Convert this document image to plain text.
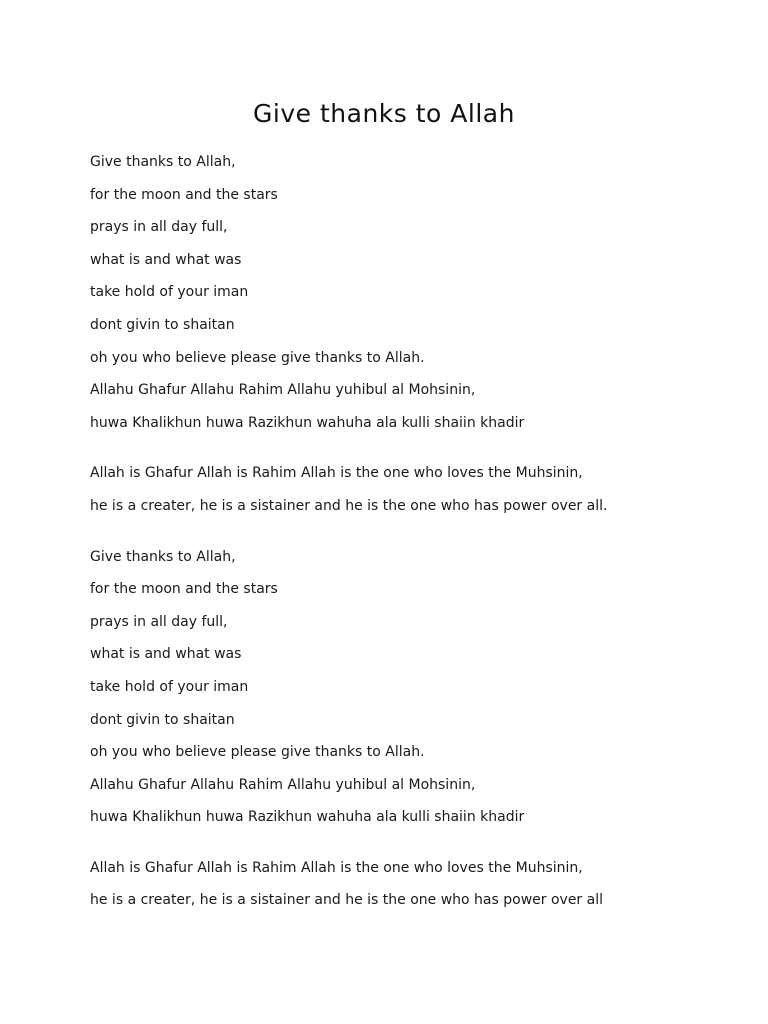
Give thanks to Allah
Give thanks to Allah,
for the moon and the stars
prays in all day full,
what is and what was
take hold of your iman
dont givin to shaitan
oh you who believe please give thanks to Allah.
Allahu Ghafur Allahu Rahim Allahu yuhibul al Mohsinin,
huwa Khalikhun huwa Razikhun wahuha ala kulli shaiin khadir
Allah is Ghafur Allah is Rahim Allah is the one who loves the Muhsinin,
he is a creater, he is a sistainer and he is the one who has power over all.
Give thanks to Allah,
for the moon and the stars
prays in all day full,
what is and what was
take hold of your iman
dont givin to shaitan
oh you who believe please give thanks to Allah.
Allahu Ghafur Allahu Rahim Allahu yuhibul al Mohsinin,
huwa Khalikhun huwa Razikhun wahuha ala kulli shaiin khadir
Allah is Ghafur Allah is Rahim Allah is the one who loves the Muhsinin,
he is a creater, he is a sistainer and he is the one who has power over all
